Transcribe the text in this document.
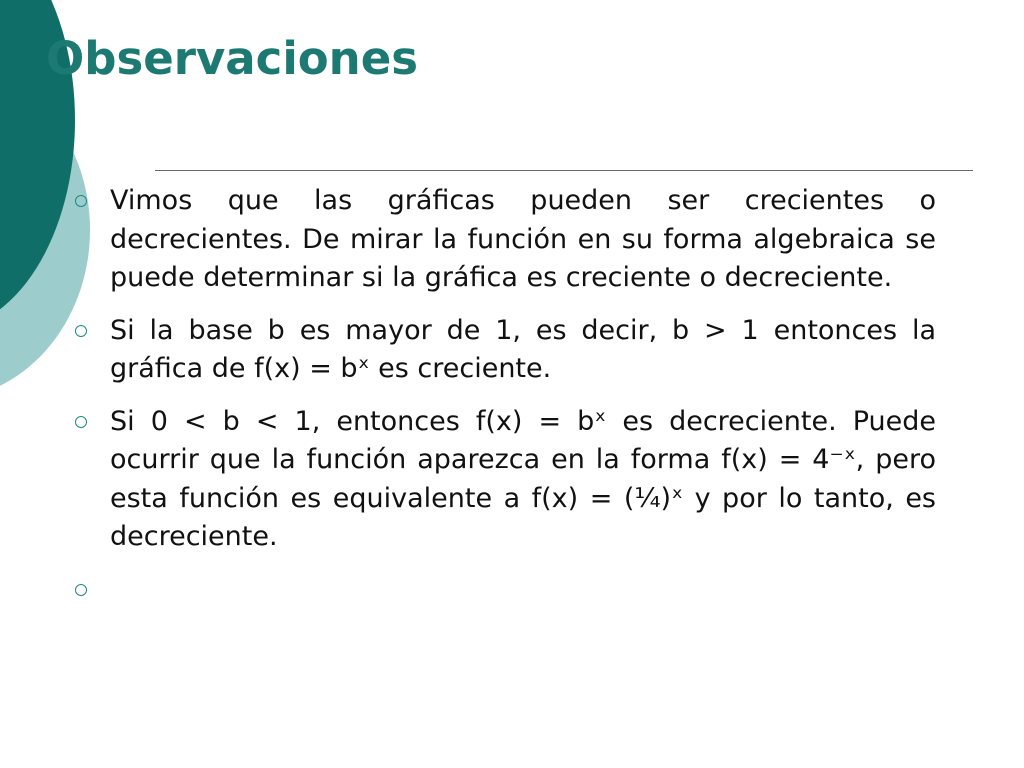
Observaciones
Vimos que las gráficas pueden ser crecientes o decrecientes. De mirar la función en su forma algebraica se puede determinar si la gráfica es creciente o decreciente.
Si la base b es mayor de 1, es decir, b > 1 entonces la gráfica de f(x) = bˣ es creciente.
Si 0 < b < 1, entonces f(x) = bˣ es decreciente. Puede ocurrir que la función aparezca en la forma f(x) = 4⁻ˣ, pero esta función es equivalente a f(x) = (¼)ˣ y por lo tanto, es decreciente.
